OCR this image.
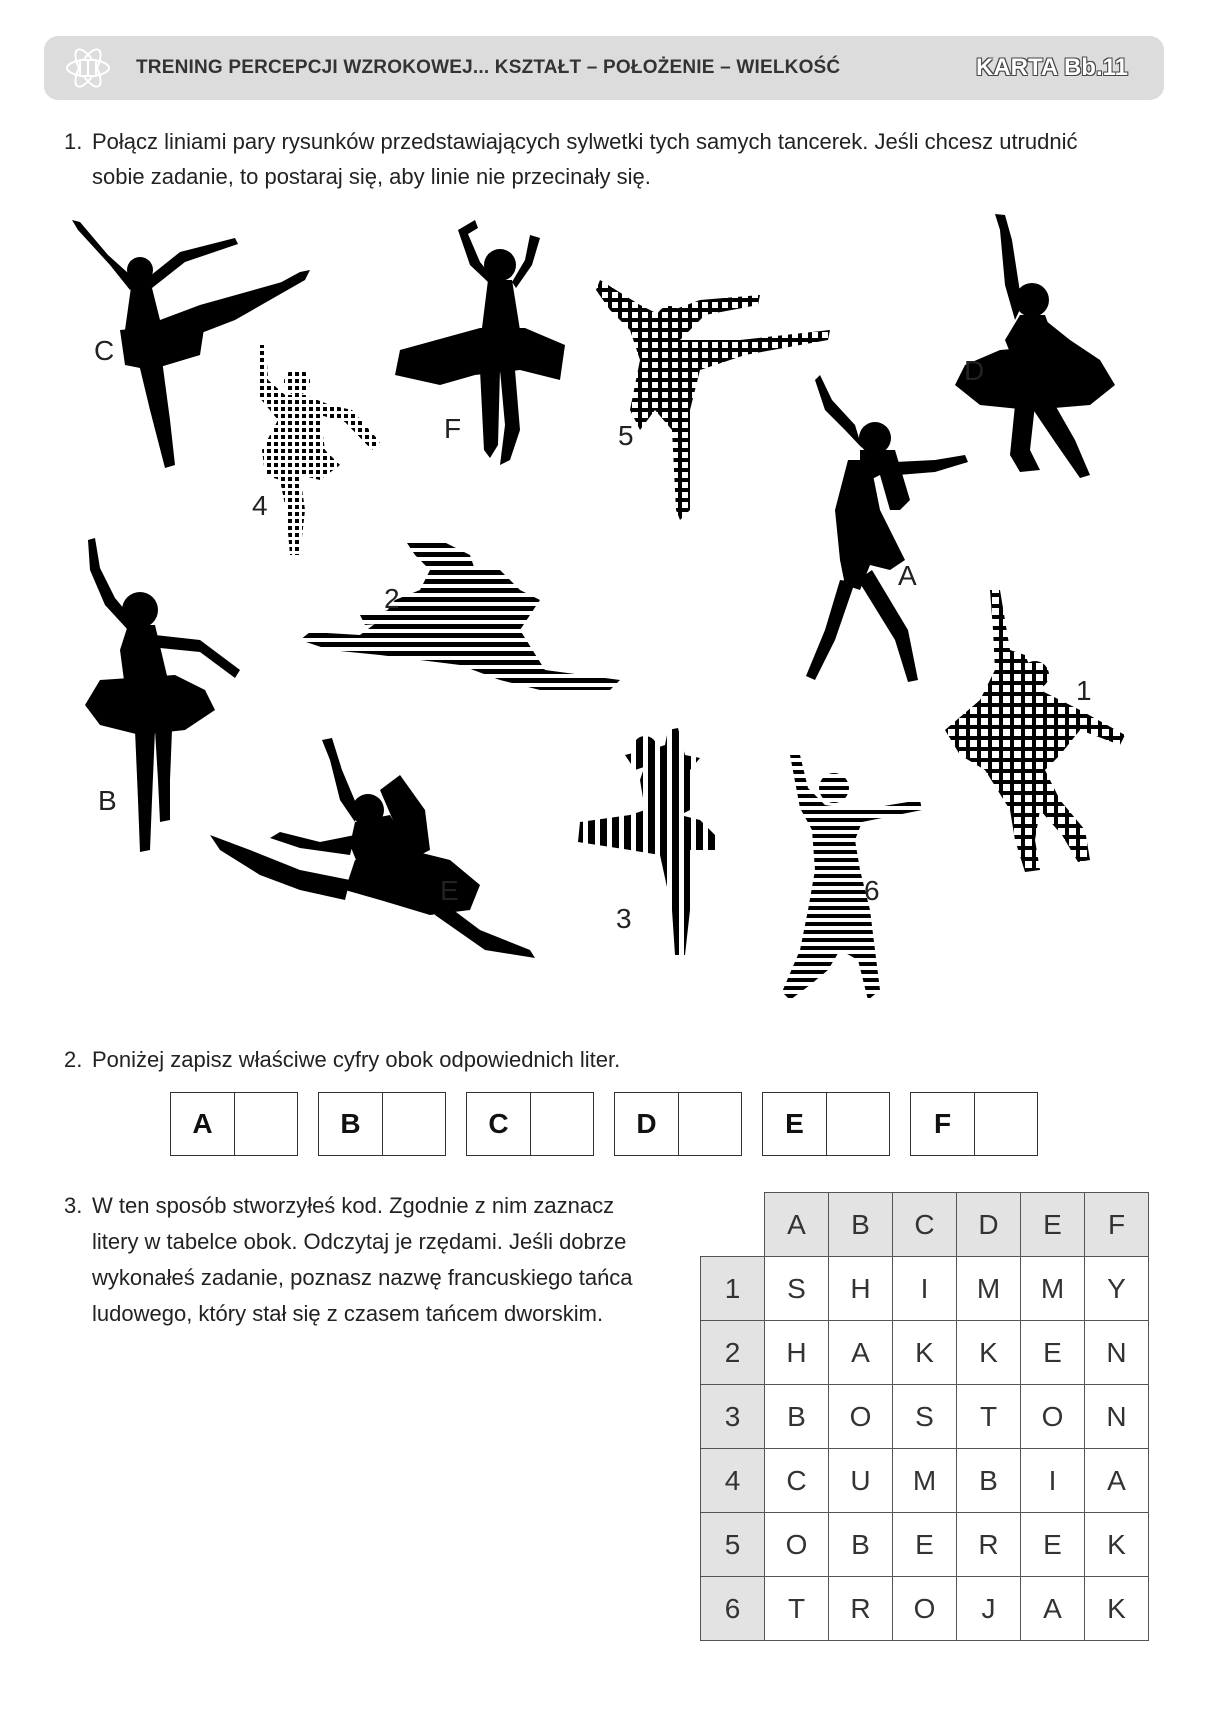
TRENING PERCEPCJI WZROKOWEJ... KSZTAŁT – POŁOŻENIE – WIELKOŚĆ	KARTA Bb.11
1. Połącz liniami pary rysunków przedstawiających sylwetki tych samych tancerek. Jeśli chcesz utrudnić
sobie zadanie, to postaraj się, aby linie nie przecinały się.
C
F	5
D
4
A
2
B
1
E
3
6
2. Poniżej zapisz właściwe cyfry obok odpowiednich liter.
A	B	C	D	E	F
3. W ten sposób stworzyłeś kod. Zgodnie z nim zaznacz
litery w tabelce obok. Odczytaj je rzędami. Jeśli dobrze
wykonałeś zadanie, poznasz nazwę francuskiego tańca
ludowego, który stał się z czasem tańcem dworskim.
	A	B	C	D	E	F
1	S	H	I	M	M	Y
2	H	A	K	K	E	N
3	B	O	S	T	O	N
4	C	U	M	B	I	A
5	O	B	E	R	E	K
6	T	R	O	J	A	K
